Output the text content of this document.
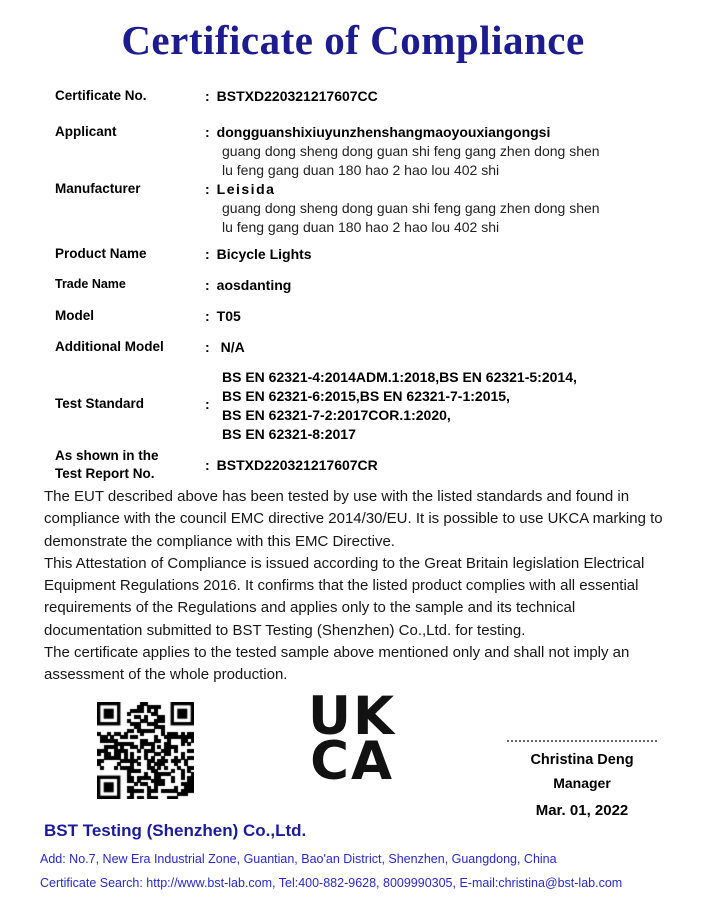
Certificate of Compliance
Certificate No.	: BSTXD220321217607CC
Applicant	: dongguanshixiuyunzhenshangmaoyouxiangongsi
guang dong sheng dong guan shi feng gang zhen dong shen
lu feng gang duan 180 hao 2 hao lou 402 shi
Manufacturer	: Leisida
guang dong sheng dong guan shi feng gang zhen dong shen
lu feng gang duan 180 hao 2 hao lou 402 shi
Product Name	: Bicycle Lights
Trade Name	: aosdanting
Model	: T05
Additional Model	: N/A
Test Standard	:
BS EN 62321-4:2014ADM.1:2018,BS EN 62321-5:2014,
BS EN 62321-6:2015,BS EN 62321-7-1:2015,
BS EN 62321-7-2:2017COR.1:2020,
BS EN 62321-8:2017
As shown in the
Test Report No.
: BSTXD220321217607CR

The EUT described above has been tested by use with the listed standards and found in compliance with the council EMC directive 2014/30/EU. It is possible to use UKCA marking to demonstrate the compliance with this EMC Directive.

This Attestation of Compliance is issued according to the Great Britain legislation Electrical Equipment Regulations 2016. It confirms that the listed product complies with all essential requirements of the Regulations and applies only to the sample and its technical documentation submitted to BST Testing (Shenzhen) Co.,Ltd. for testing.

The certificate applies to the tested sample above mentioned only and shall not imply an assessment of the whole production.

UK
CA	Christina Deng

Manager

Mar. 01, 2022

BST Testing (Shenzhen) Co.,Ltd.
Add: No.7, New Era Industrial Zone, Guantian, Bao'an District, Shenzhen, Guangdong, China
Certificate Search: http://www.bst-lab.com, Tel:400-882-9628, 8009990305, E-mail:christina@bst-lab.com
